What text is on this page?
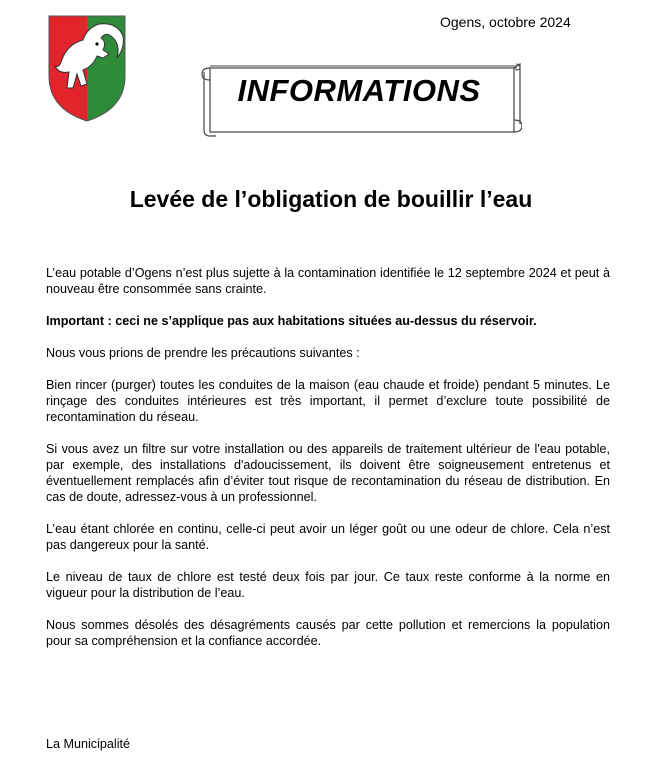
Ogens, octobre 2024
INFORMATIONS
Levée de l’obligation de bouillir l’eau

L’eau potable d’Ogens n’est plus sujette à la contamination identifiée le 12 septembre 2024 et peut à nouveau être consommée sans crainte.

Important : ceci ne s’applique pas aux habitations situées au-dessus du réservoir.

Nous vous prions de prendre les précautions suivantes :

Bien rincer (purger) toutes les conduites de la maison (eau chaude et froide) pendant 5 minutes. Le rinçage des conduites intérieures est très important, il permet d’exclure toute possibilité de recontamination du réseau.

Si vous avez un filtre sur votre installation ou des appareils de traitement ultérieur de l'eau potable, par exemple, des installations d'adoucissement, ils doivent être soigneusement entretenus et éventuellement remplacés afin d’éviter tout risque de recontamination du réseau de distribution. En cas de doute, adressez-vous à un professionnel.

L’eau étant chlorée en continu, celle-ci peut avoir un léger goût ou une odeur de chlore. Cela n’est pas dangereux pour la santé.

Le niveau de taux de chlore est testé deux fois par jour. Ce taux reste conforme à la norme en vigueur pour la distribution de l’eau.

Nous sommes désolés des désagréments causés par cette pollution et remercions la population pour sa compréhension et la confiance accordée.

La Municipalité
